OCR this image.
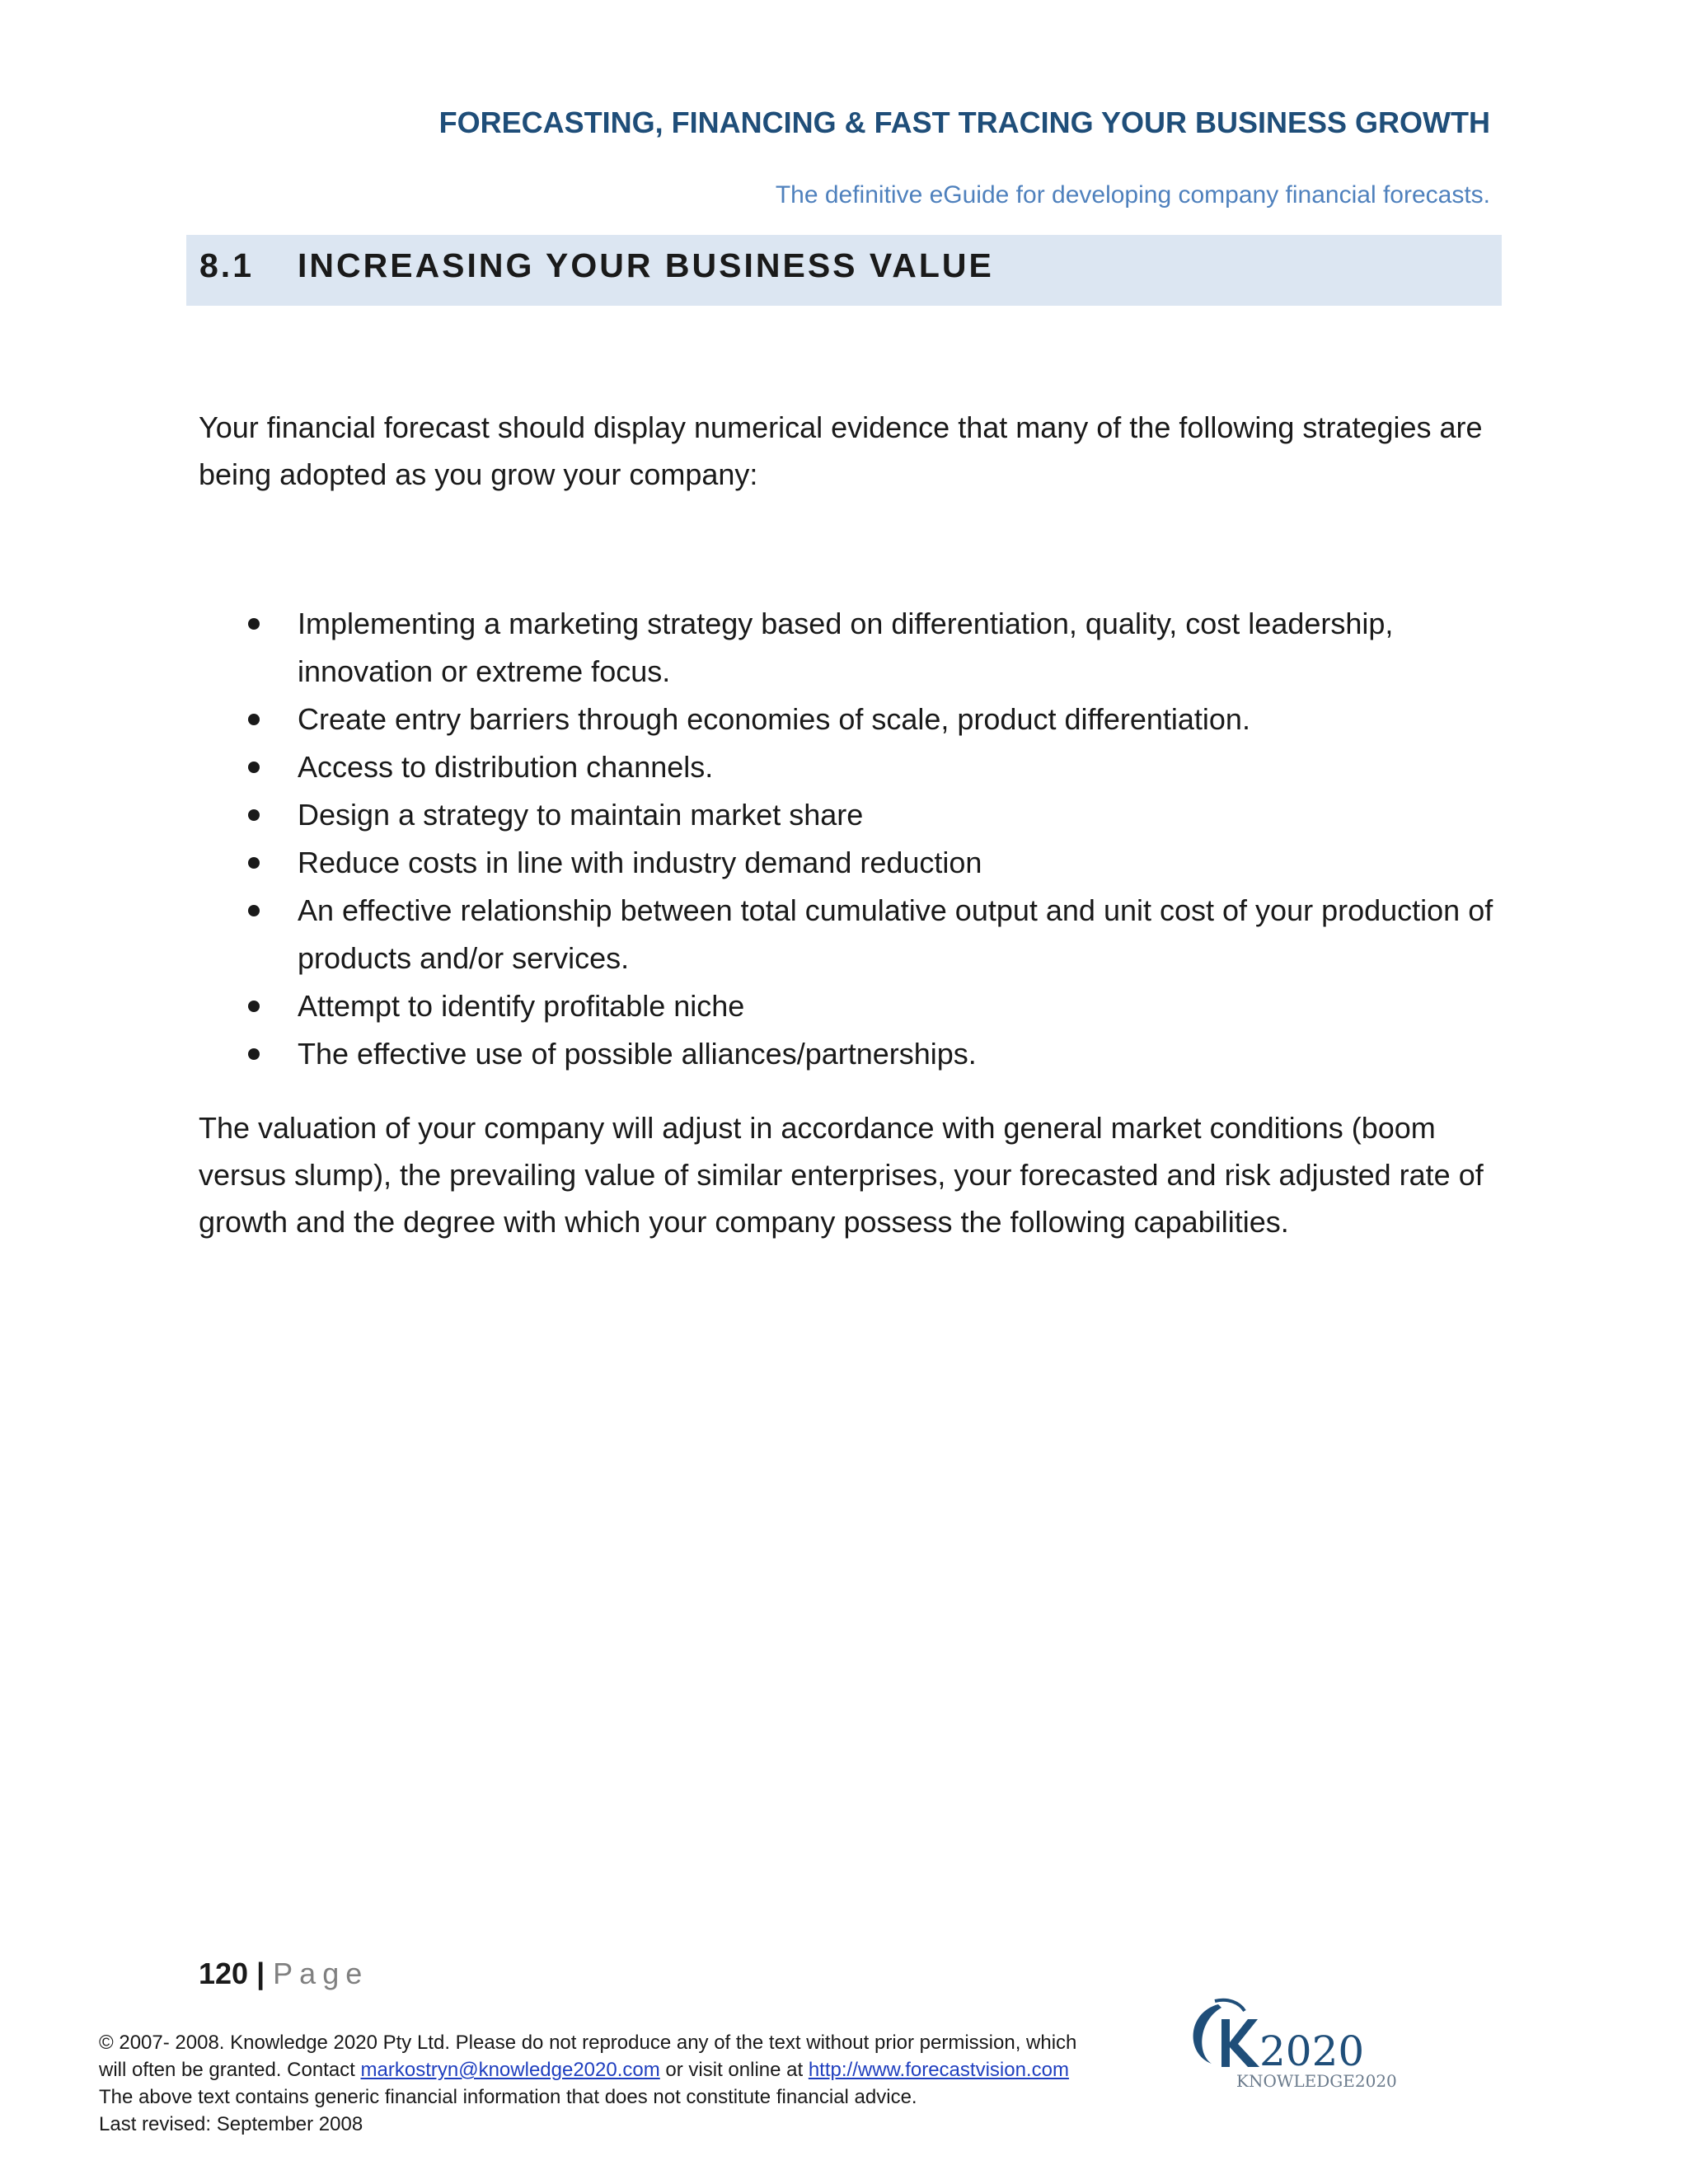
FORECASTING, FINANCING & FAST TRACING YOUR BUSINESS GROWTH
The definitive eGuide for developing company financial forecasts.
8.1 INCREASING YOUR BUSINESS VALUE

Your financial forecast should display numerical evidence that many of the following strategies are being adopted as you grow your company:

Implementing a marketing strategy based on differentiation, quality, cost leadership, innovation or extreme focus.
Create entry barriers through economies of scale, product differentiation.
Access to distribution channels.
Design a strategy to maintain market share
Reduce costs in line with industry demand reduction
An effective relationship between total cumulative output and unit cost of your production of products and/or services.
Attempt to identify profitable niche
The effective use of possible alliances/partnerships.

The valuation of your company will adjust in accordance with general market conditions (boom versus slump), the prevailing value of similar enterprises, your forecasted and risk adjusted rate of growth and the degree with which your company possess the following capabilities.

120 | Page
© 2007- 2008. Knowledge 2020 Pty Ltd. Please do not reproduce any of the text without prior permission, which
will often be granted. Contact markostryn@knowledge2020.com or visit online at http://www.forecastvision.com
The above text contains generic financial information that does not constitute financial advice.
Last revised: September 2008
2020
KNOWLEDGE2020
